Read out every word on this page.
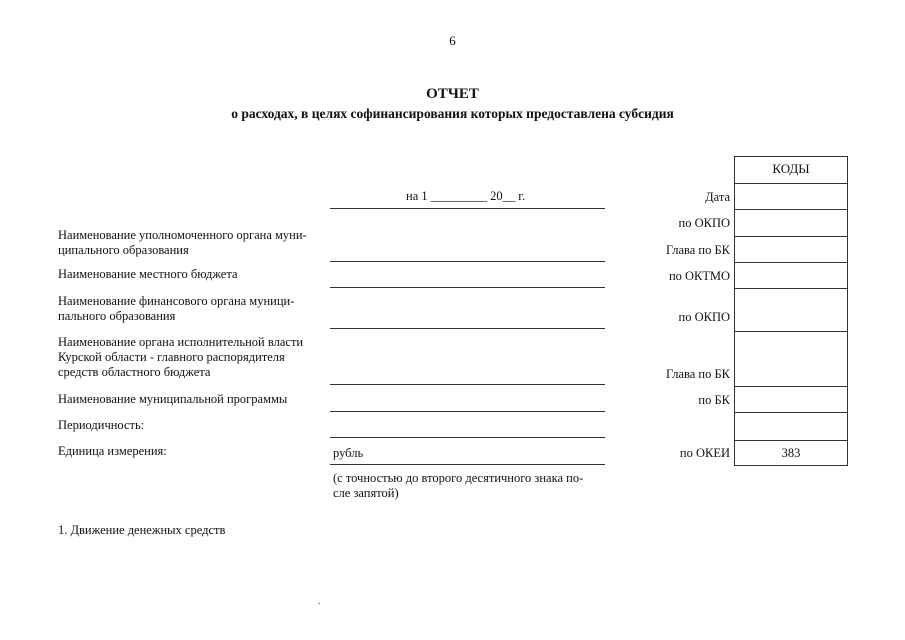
6
ОТЧЕТ
о расходах, в целях софинансирования которых предоставлена субсидия
на 1 _________ 20__ г.
Наименование уполномоченного органа муни-
ципального образования
Наименование местного бюджета
Наименование финансового органа муници-
пального образования
Наименование органа исполнительной власти
Курской области - главного распорядителя
средств областного бюджета
Наименование муниципальной программы
Периодичность:
Единица измерения:	рубль
(с точностью до второго десятичного знака по-
сле запятой)
Дата
по ОКПО
Глава по БК
по ОКТМО
по ОКПО
Глава по БК
по БК
по ОКЕИ
КОДЫ
383
1. Движение денежных средств
